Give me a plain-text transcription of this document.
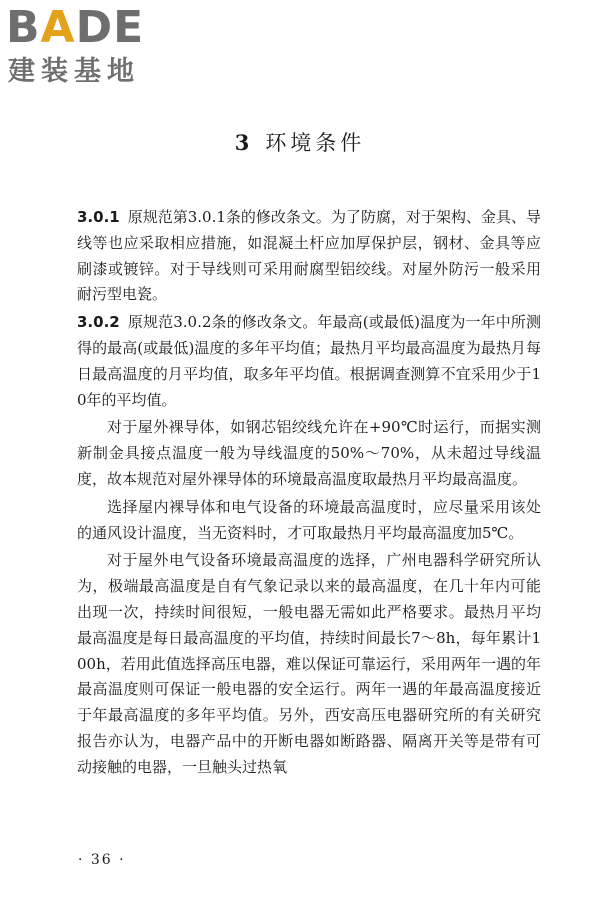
BADE
建装基地
3 环境条件

3.0.1 原规范第3.0.1条的修改条文。为了防腐，对于架构、金具、导线等也应采取相应措施，如混凝土杆应加厚保护层，钢材、金具等应刷漆或镀锌。对于导线则可采用耐腐型铝绞线。对屋外防污一般采用耐污型电瓷。

3.0.2 原规范3.0.2条的修改条文。年最高(或最低)温度为一年中所测得的最高(或最低)温度的多年平均值；最热月平均最高温度为最热月每日最高温度的月平均值，取多年平均值。根据调查测算不宜采用少于10年的平均值。

对于屋外裸导体，如钢芯铝绞线允许在+90℃时运行，而据实测新制金具接点温度一般为导线温度的50%～70%，从未超过导线温度，故本规范对屋外裸导体的环境最高温度取最热月平均最高温度。

选择屋内裸导体和电气设备的环境最高温度时，应尽量采用该处的通风设计温度，当无资料时，才可取最热月平均最高温度加5℃。

对于屋外电气设备环境最高温度的选择，广州电器科学研究所认为，极端最高温度是自有气象记录以来的最高温度，在几十年内可能出现一次，持续时间很短，一般电器无需如此严格要求。最热月平均最高温度是每日最高温度的平均值，持续时间最长7～8h，每年累计100h，若用此值选择高压电器，难以保证可靠运行，采用两年一遇的年最高温度则可保证一般电器的安全运行。两年一遇的年最高温度接近于年最高温度的多年平均值。另外，西安高压电器研究所的有关研究报告亦认为，电器产品中的开断电器如断路器、隔离开关等是带有可动接触的电器，一旦触头过热氧

· 36 ·
